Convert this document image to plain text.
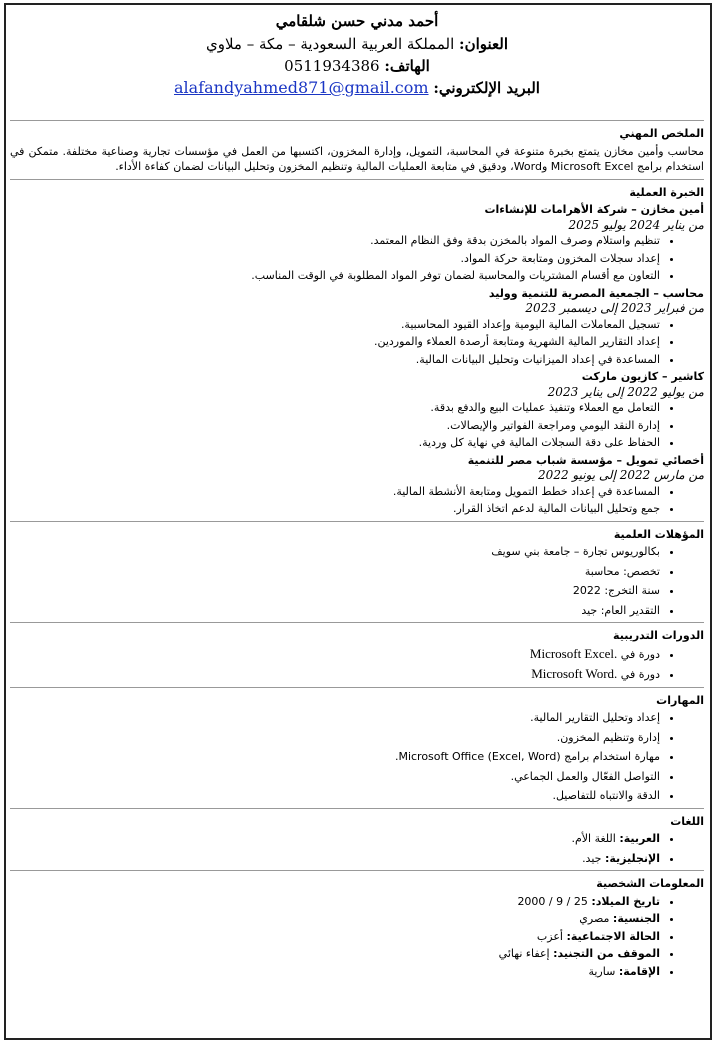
أحمد مدني حسن شلقامي

العنوان: المملكة العربية السعودية – مكة – ملاوي

الهاتف: 0511934386

البريد الإلكتروني: alafandyahmed871@gmail.com

الملخص المهني

محاسب وأمين مخازن يتمتع بخبرة متنوعة في المحاسبة، التمويل، وإدارة المخزون، اكتسبها من العمل في مؤسسات تجارية وصناعية مختلفة. متمكن في استخدام برامج Microsoft Excel وWord، ودقيق في متابعة العمليات المالية وتنظيم المخزون وتحليل البيانات لضمان كفاءة الأداء.

الخبرة العملية

أمين مخازن – شركة الأهرامات للإنشاءات

من يناير 2024 يوليو 2025

• تنظيم واستلام وصرف المواد بالمخزن بدقة وفق النظام المعتمد.
• إعداد سجلات المخزون ومتابعة حركة المواد.
• التعاون مع أقسام المشتريات والمحاسبة لضمان توفر المواد المطلوبة في الوقت المناسب.

محاسب – الجمعية المصرية للتنمية ووليد

من فبراير 2023 إلى ديسمبر 2023

• تسجيل المعاملات المالية اليومية وإعداد القيود المحاسبية.
• إعداد التقارير المالية الشهرية ومتابعة أرصدة العملاء والموردين.
• المساعدة في إعداد الميزانيات وتحليل البيانات المالية.

كاشير – كازيون ماركت

من يوليو 2022 إلى يناير 2023

• التعامل مع العملاء وتنفيذ عمليات البيع والدفع بدقة.
• إدارة النقد اليومي ومراجعة الفواتير والإيصالات.
• الحفاظ على دقة السجلات المالية في نهاية كل وردية.

أخصائي تمويل – مؤسسة شباب مصر للتنمية

من مارس 2022 إلى يونيو 2022

• المساعدة في إعداد خطط التمويل ومتابعة الأنشطة المالية.
• جمع وتحليل البيانات المالية لدعم اتخاذ القرار.

المؤهلات العلمية

• بكالوريوس تجارة – جامعة بني سويف
• تخصص: محاسبة
• سنة التخرج: 2022
• التقدير العام: جيد

الدورات التدريبية

• دورة في Microsoft Excel.
• دورة في Microsoft Word.

المهارات

• إعداد وتحليل التقارير المالية.
• إدارة وتنظيم المخزون.
• مهارة استخدام برامج (Microsoft Office (Excel, Word.
• التواصل الفعّال والعمل الجماعي.
• الدقة والانتباه للتفاصيل.

اللغات

• العربية: اللغة الأم.
• الإنجليزية: جيد.

المعلومات الشخصية

• تاريخ الميلاد: 25 / 9 / 2000
• الجنسية: مصري
• الحالة الاجتماعية: أعزب
• الموقف من التجنيد: إعفاء نهائي
• الإقامة: سارية
